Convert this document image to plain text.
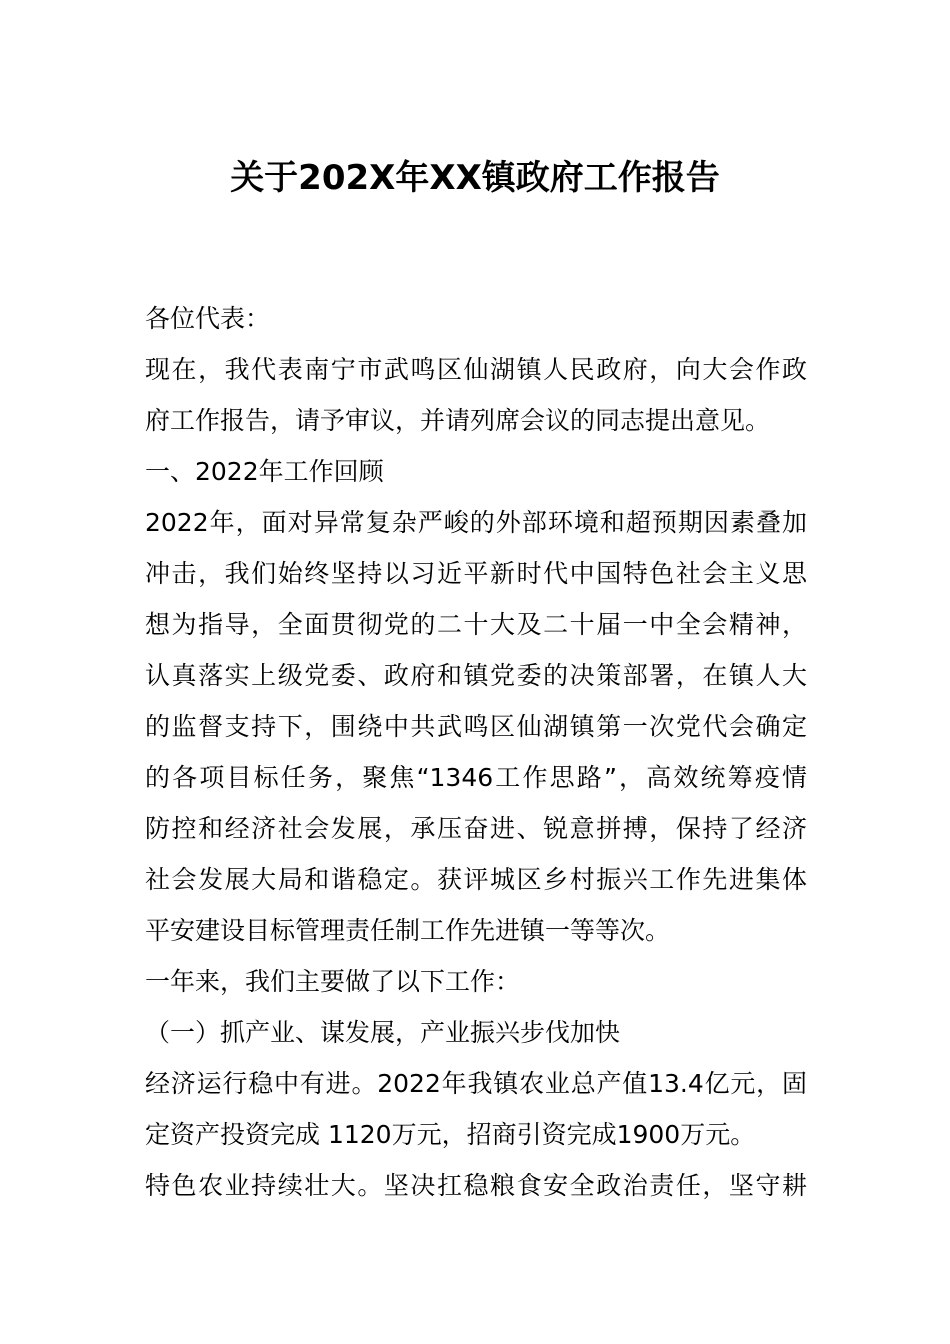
关于202X年XX镇政府工作报告
各位代表：
现在，我代表南宁市武鸣区仙湖镇人民政府，向大会作政
府工作报告，请予审议，并请列席会议的同志提出意见。
一、2022年工作回顾
2022年，面对异常复杂严峻的外部环境和超预期因素叠加
冲击，我们始终坚持以习近平新时代中国特色社会主义思
想为指导，全面贯彻党的二十大及二十届一中全会精神，
认真落实上级党委、政府和镇党委的决策部署，在镇人大
的监督支持下，围绕中共武鸣区仙湖镇第一次党代会确定
的各项目标任务，聚焦“1346工作思路”，高效统筹疫情
防控和经济社会发展，承压奋进、锐意拼搏，保持了经济
社会发展大局和谐稳定。获评城区乡村振兴工作先进集体
平安建设目标管理责任制工作先进镇一等等次。
一年来，我们主要做了以下工作：
（一）抓产业、谋发展，产业振兴步伐加快
经济运行稳中有进。2022年我镇农业总产值13.4亿元，固
定资产投资完成 1120万元，招商引资完成1900万元。
特色农业持续壮大。坚决扛稳粮食安全政治责任，坚守耕
